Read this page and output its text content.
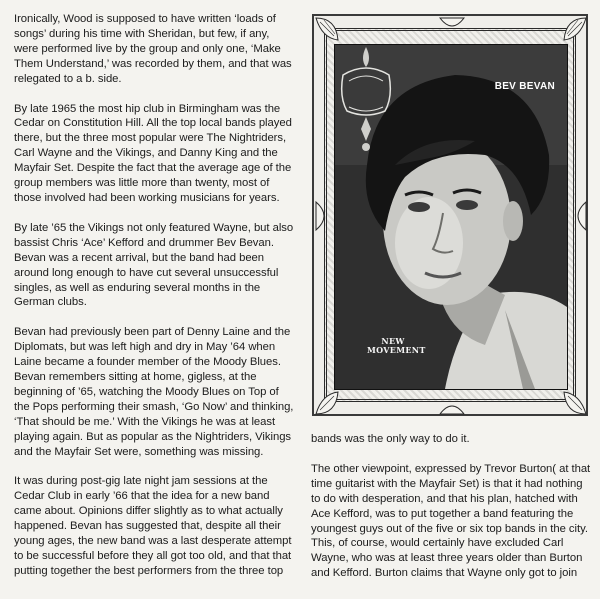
Ironically, Wood is supposed to have written ‘loads of songs’ during his time with Sheridan, but few, if any, were performed live by the group and only one, ‘Make Them Understand,’ was recorded by them, and that was relegated to a b. side.

By late 1965 the most hip club in Birmingham was the Cedar on Constitution Hill. All the top local bands played there, but the three most popular were The Nightriders, Carl Wayne and the Vikings, and Danny King and the Mayfair Set. Despite the fact that the average age of the group members was little more than twenty, most of those involved had been working musicians for years.

By late ’65 the Vikings not only featured Wayne, but also bassist Chris ‘Ace’ Kefford and drummer Bev Bevan. Bevan was a recent arrival, but the band had been around long enough to have cut several unsuccessful singles, as well as enduring several months in the German clubs.

Bevan had previously been part of Denny Laine and the Diplomats, but was left high and dry in May ’64 when Laine became a founder member of the Moody Blues. Bevan remembers sitting at home, gigless, at the beginning of ’65, watching the Moody Blues on Top of the Pops performing their smash, ‘Go Now’ and thinking, ‘That should be me.’ With the Vikings he was at least playing again. But as popular as the Nightriders, Vikings and the Mayfair Set were, something was missing.

It was during post-gig late night jam sessions at the Cedar Club in early ’66 that the idea for a new band came about. Opinions differ slightly as to what actually happened. Bevan has suggested that, despite all their young ages, the new band was a last desperate attempt to be successful before they all got too old, and that that putting together the best performers from the three top

BEV BEVAN
NEW MOVEMENT

bands was the only way to do it.

The other viewpoint, expressed by Trevor Burton( at that time guitarist with the Mayfair Set) is that it had nothing to do with desperation, and that his plan, hatched with Ace Kefford, was to put together a band featuring the youngest guys out of the five or six top bands in the city. This, of course, would certainly have excluded Carl Wayne, who was at least three years older than Burton and Kefford. Burton claims that Wayne only got to join
